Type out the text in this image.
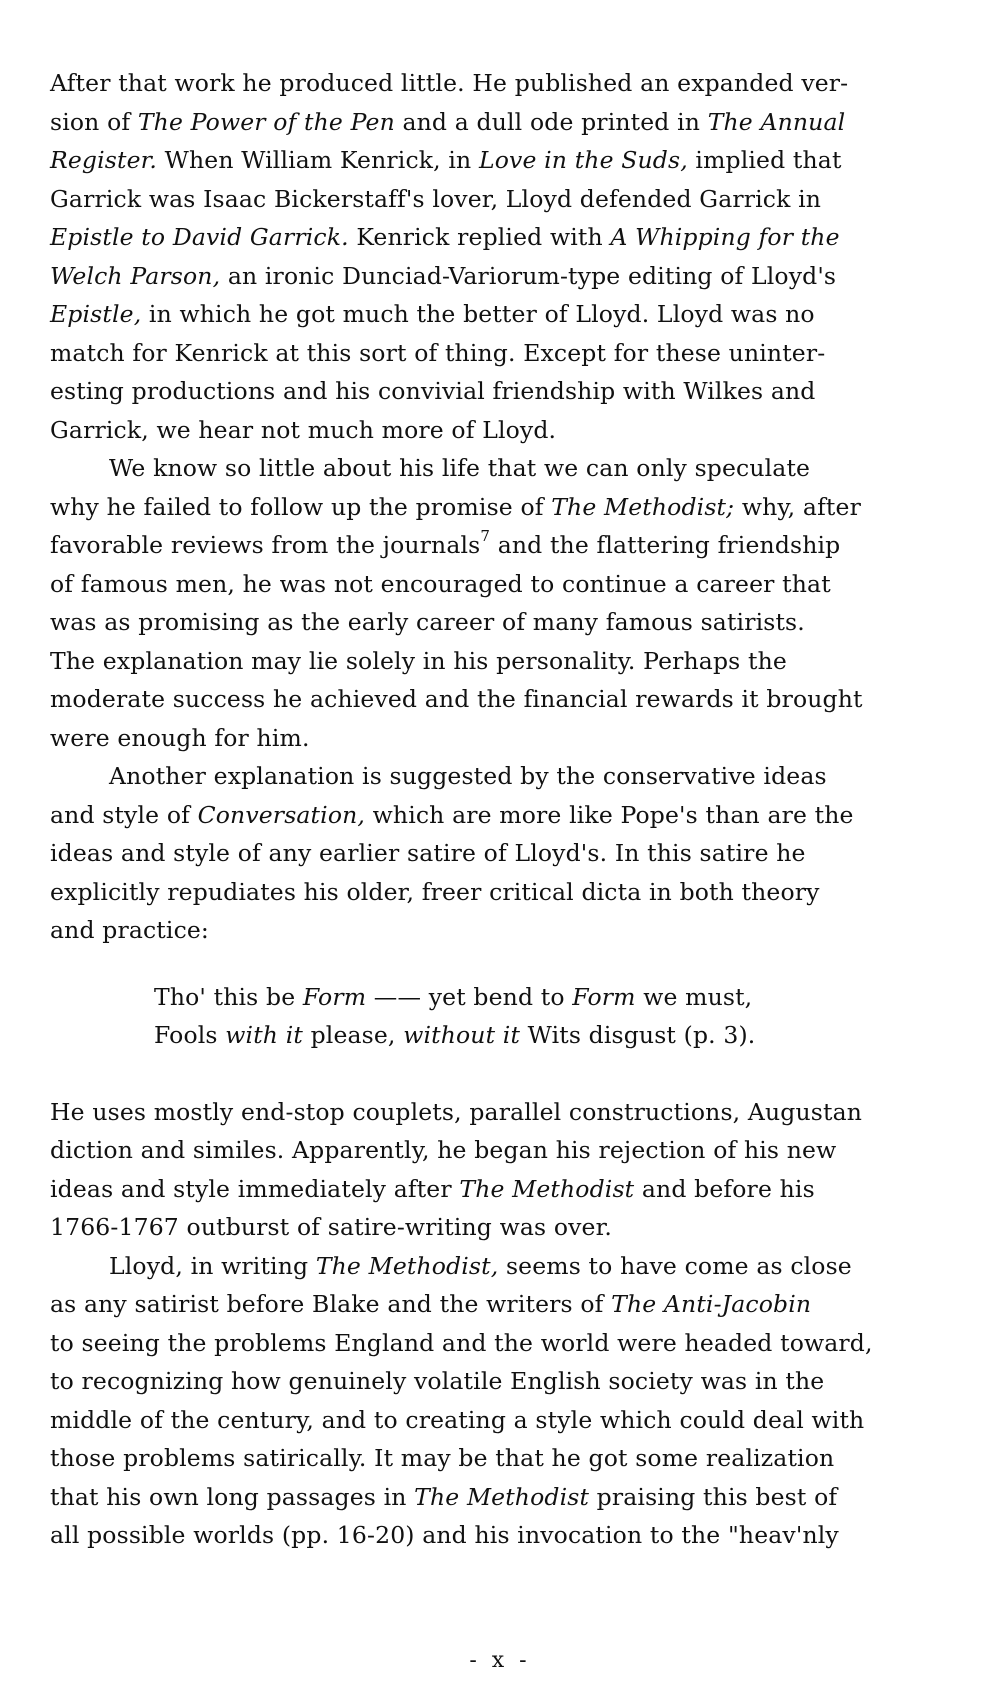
After that work he produced little. He published an expanded ver-
sion of The Power of the Pen and a dull ode printed in The Annual
Register. When William Kenrick, in Love in the Suds, implied that
Garrick was Isaac Bickerstaff's lover, Lloyd defended Garrick in
Epistle to David Garrick. Kenrick replied with A Whipping for the
Welch Parson, an ironic Dunciad-Variorum-type editing of Lloyd's
Epistle, in which he got much the better of Lloyd. Lloyd was no
match for Kenrick at this sort of thing. Except for these uninter-
esting productions and his convivial friendship with Wilkes and
Garrick, we hear not much more of Lloyd.
We know so little about his life that we can only speculate
why he failed to follow up the promise of The Methodist; why, after
favorable reviews from the journals$^7$ and the flattering friendship
of famous men, he was not encouraged to continue a career that
was as promising as the early career of many famous satirists.
The explanation may lie solely in his personality. Perhaps the
moderate success he achieved and the financial rewards it brought
were enough for him.
Another explanation is suggested by the conservative ideas
and style of Conversation, which are more like Pope's than are the
ideas and style of any earlier satire of Lloyd's. In this satire he
explicitly repudiates his older, freer critical dicta in both theory
and practice:
Tho' this be Form —— yet bend to Form we must,
Fools with it please, without it Wits disgust (p. 3).
He uses mostly end-stop couplets, parallel constructions, Augustan
diction and similes. Apparently, he began his rejection of his new
ideas and style immediately after The Methodist and before his
1766-1767 outburst of satire-writing was over.
Lloyd, in writing The Methodist, seems to have come as close
as any satirist before Blake and the writers of The Anti-Jacobin
to seeing the problems England and the world were headed toward,
to recognizing how genuinely volatile English society was in the
middle of the century, and to creating a style which could deal with
those problems satirically. It may be that he got some realization
that his own long passages in The Methodist praising this best of
all possible worlds (pp. 16-20) and his invocation to the "heav'nly
- x -
